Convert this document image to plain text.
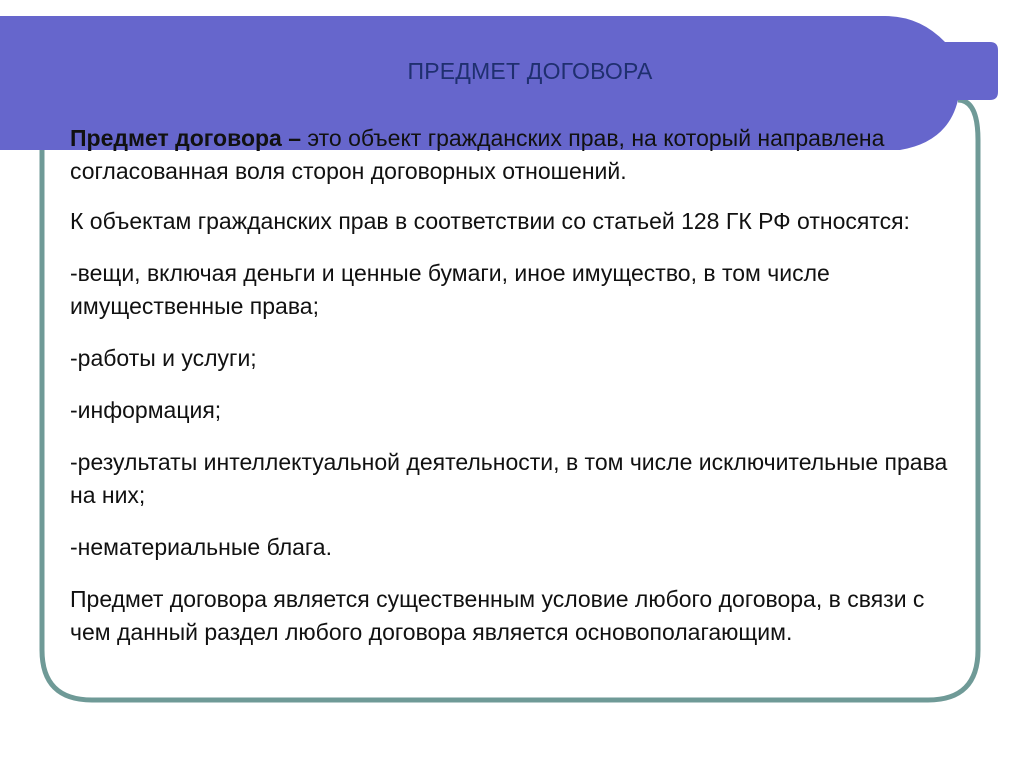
ПРЕДМЕТ ДОГОВОРА

Предмет договора – это объект гражданских прав, на который направлена согласованная воля сторон договорных отношений.

К объектам гражданских прав в соответствии со статьей 128 ГК РФ относятся:

-вещи, включая деньги и ценные бумаги, иное имущество, в том числе имущественные права;

-работы и услуги;

-информация;

-результаты интеллектуальной деятельности, в том числе исключительные права на них;

-нематериальные блага.

Предмет договора является существенным условие любого договора, в связи с чем данный раздел любого договора является основополагающим.
